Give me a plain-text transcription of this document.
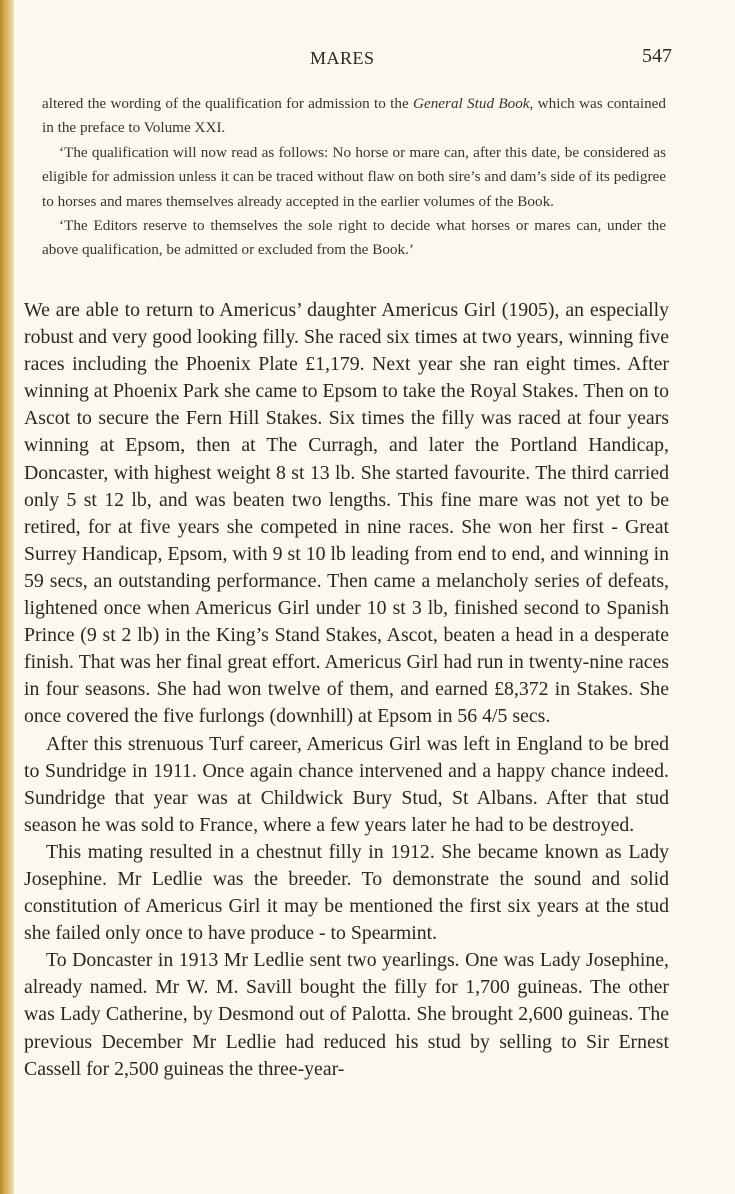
MARES	547

altered the wording of the qualification for admission to the General Stud Book, which was contained in the preface to Volume XXI.

‘The qualification will now read as follows: No horse or mare can, after this date, be considered as eligible for admission unless it can be traced without flaw on both sire’s and dam’s side of its pedigree to horses and mares themselves already accepted in the earlier volumes of the Book.

‘The Editors reserve to themselves the sole right to decide what horses or mares can, under the above qualification, be admitted or excluded from the Book.’

We are able to return to Americus’ daughter Americus Girl (1905), an especially robust and very good looking filly. She raced six times at two years, winning five races including the Phoenix Plate £1,179. Next year she ran eight times. After winning at Phoenix Park she came to Epsom to take the Royal Stakes. Then on to Ascot to secure the Fern Hill Stakes. Six times the filly was raced at four years winning at Epsom, then at The Curragh, and later the Portland Handicap, Doncaster, with highest weight 8 st 13 lb. She started favourite. The third carried only 5 st 12 lb, and was beaten two lengths. This fine mare was not yet to be retired, for at five years she competed in nine races. She won her first - Great Surrey Handicap, Epsom, with 9 st 10 lb leading from end to end, and winning in 59 secs, an outstanding performance. Then came a melancholy series of defeats, lightened once when Americus Girl under 10 st 3 lb, finished second to Spanish Prince (9 st 2 lb) in the King’s Stand Stakes, Ascot, beaten a head in a desperate finish. That was her final great effort. Americus Girl had run in twenty-nine races in four seasons. She had won twelve of them, and earned £8,372 in Stakes. She once covered the five furlongs (downhill) at Epsom in 56 4/5 secs.

After this strenuous Turf career, Americus Girl was left in England to be bred to Sundridge in 1911. Once again chance intervened and a happy chance indeed. Sundridge that year was at Childwick Bury Stud, St Albans. After that stud season he was sold to France, where a few years later he had to be destroyed.

This mating resulted in a chestnut filly in 1912. She became known as Lady Josephine. Mr Ledlie was the breeder. To demonstrate the sound and solid constitution of Americus Girl it may be mentioned the first six years at the stud she failed only once to have produce - to Spearmint.

To Doncaster in 1913 Mr Ledlie sent two yearlings. One was Lady Josephine, already named. Mr W. M. Savill bought the filly for 1,700 guineas. The other was Lady Catherine, by Desmond out of Palotta. She brought 2,600 guineas. The previous December Mr Ledlie had reduced his stud by selling to Sir Ernest Cassell for 2,500 guineas the three-year-
